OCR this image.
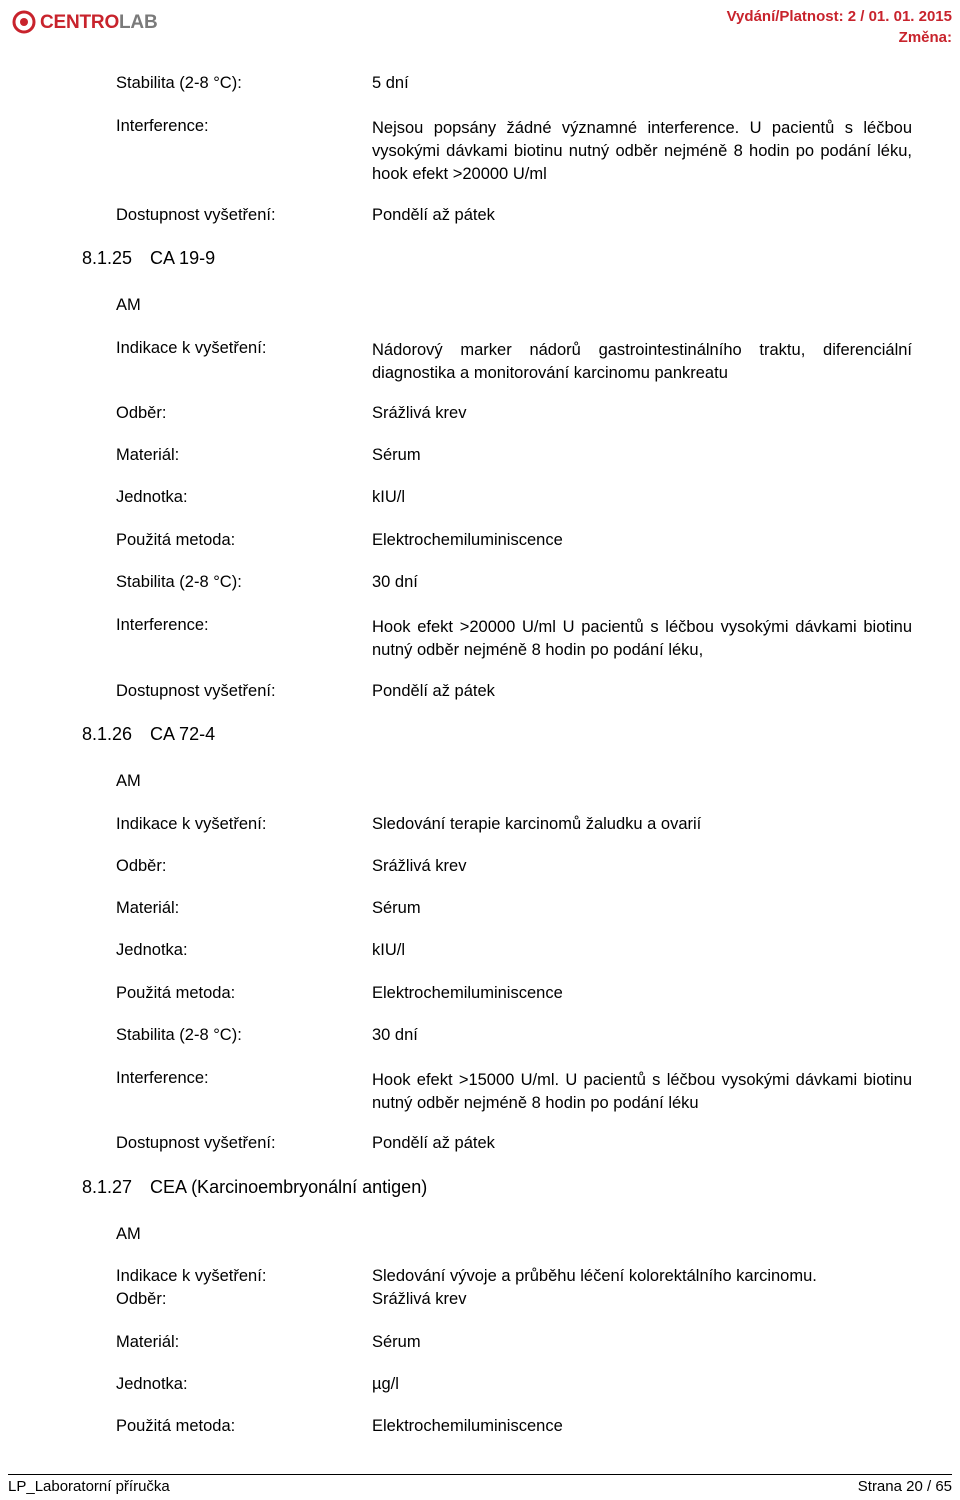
CENTROLAB	Vydání/Platnost: 2 / 01. 01. 2015
Změna:
Stabilita (2-8 °C):	5 dní
Interference:	Nejsou popsány žádné významné interference. U pacientů s léčbou vysokými dávkami biotinu nutný odběr nejméně 8 hodin po podání léku, hook efekt >20000 U/ml
Dostupnost vyšetření:	Pondělí až pátek
8.1.25 CA 19-9
AM
Indikace k vyšetření:	Nádorový marker nádorů gastrointestinálního traktu, diferenciální diagnostika a monitorování karcinomu pankreatu
Odběr:	Srážlivá krev
Materiál:	Sérum
Jednotka:	kIU/l
Použitá metoda:	Elektrochemiluminiscence
Stabilita (2-8 °C):	30 dní
Interference:	Hook efekt >20000 U/ml U pacientů s léčbou vysokými dávkami biotinu nutný odběr nejméně 8 hodin po podání léku,
Dostupnost vyšetření:	Pondělí až pátek
8.1.26 CA 72-4
AM
Indikace k vyšetření:	Sledování terapie karcinomů žaludku a ovarií
Odběr:	Srážlivá krev
Materiál:	Sérum
Jednotka:	kIU/l
Použitá metoda:	Elektrochemiluminiscence
Stabilita (2-8 °C):	30 dní
Interference:	Hook efekt >15000 U/ml. U pacientů s léčbou vysokými dávkami biotinu nutný odběr nejméně 8 hodin po podání léku
Dostupnost vyšetření:	Pondělí až pátek
8.1.27 CEA (Karcinoembryonální antigen)
AM
Indikace k vyšetření:	Sledování vývoje a průběhu léčení kolorektálního karcinomu.
Odběr:	Srážlivá krev
Materiál:	Sérum
Jednotka:	µg/l
Použitá metoda:	Elektrochemiluminiscence
LP_Laboratorní příručka	Strana 20 / 65
